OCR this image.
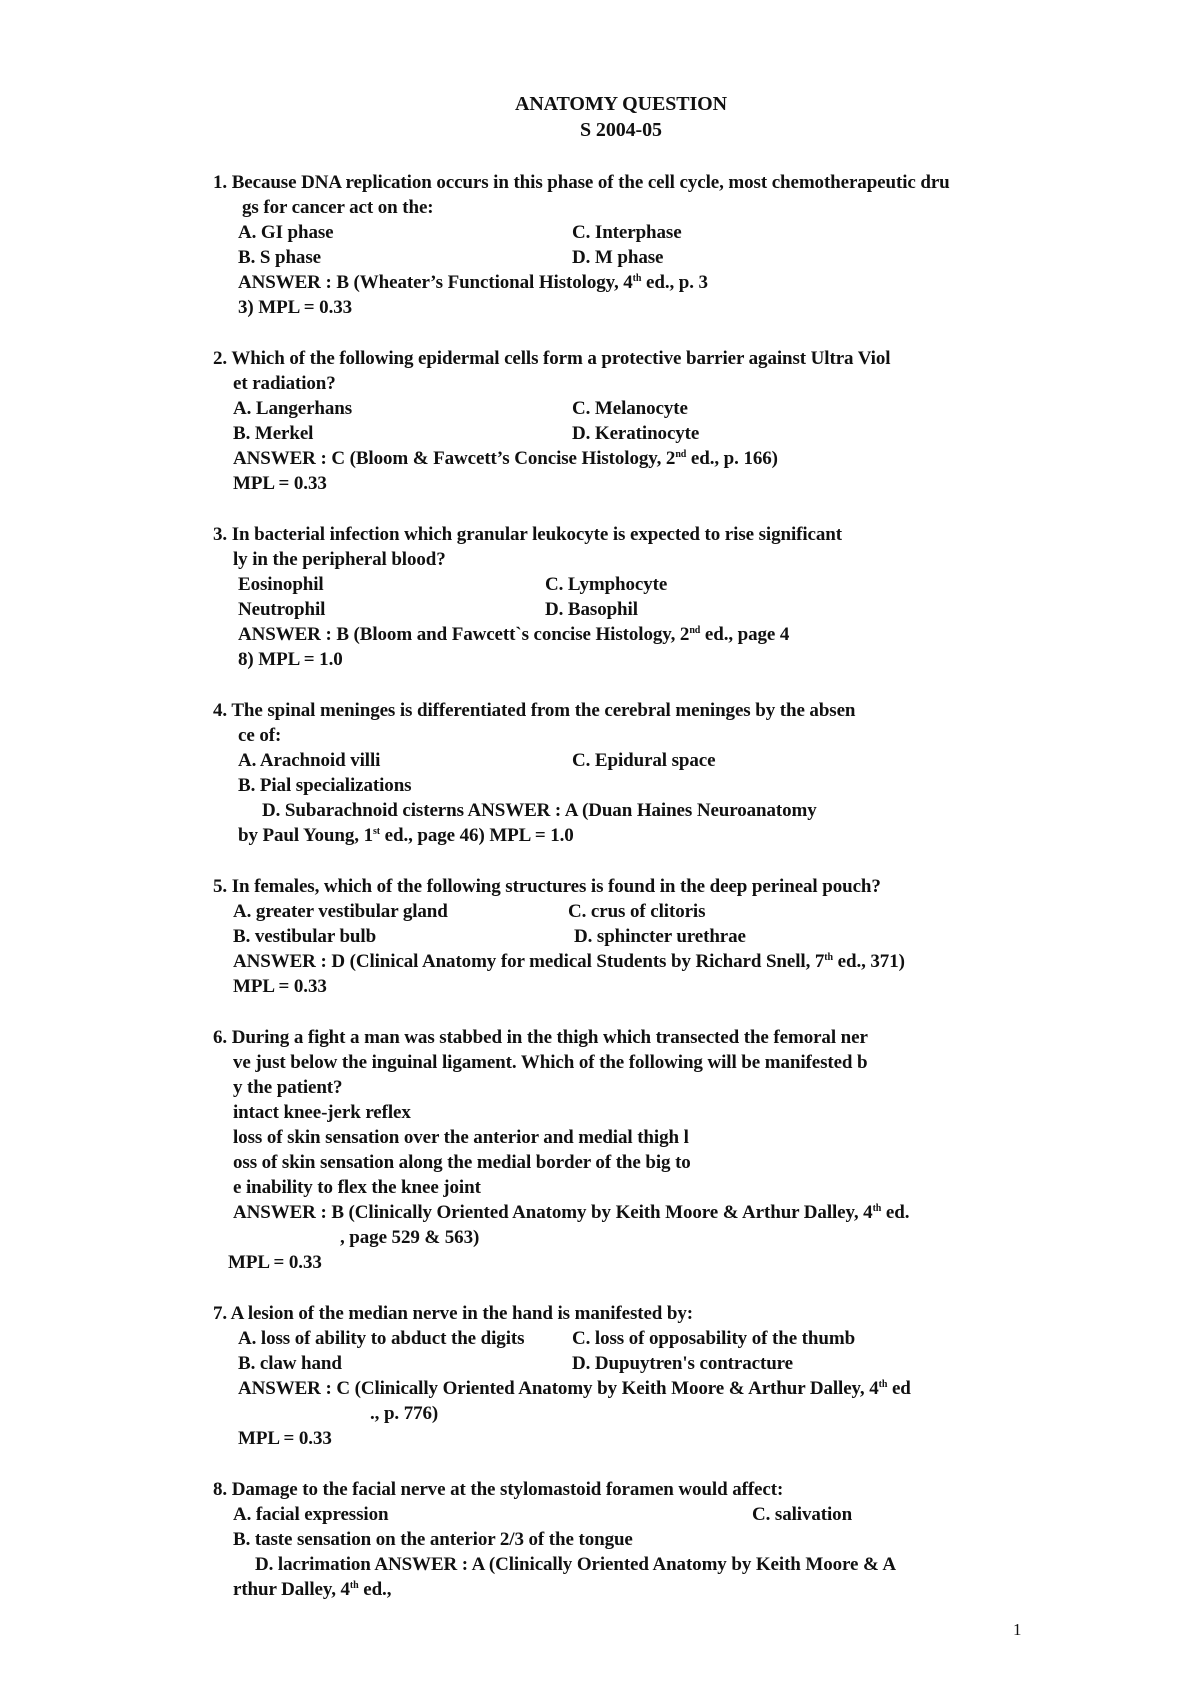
ANATOMY QUESTION
S 2004-05
1. Because DNA replication occurs in this phase of the cell cycle, most chemotherapeutic dru
gs for cancer act on the:
A. GI phase	C. Interphase
B. S phase	D. M phase
ANSWER : B (Wheater’s Functional Histology, 4th ed., p. 3
3) MPL = 0.33
2. Which of the following epidermal cells form a protective barrier against Ultra Viol
et radiation?
A. Langerhans	C. Melanocyte
B. Merkel	D. Keratinocyte
ANSWER : C (Bloom & Fawcett’s Concise Histology, 2nd ed., p. 166)
MPL = 0.33
3. In bacterial infection which granular leukocyte is expected to rise significant
ly in the peripheral blood?
Eosinophil	C. Lymphocyte
Neutrophil	D. Basophil
ANSWER : B (Bloom and Fawcett`s concise Histology, 2nd ed., page 4
8) MPL = 1.0
4. The spinal meninges is differentiated from the cerebral meninges by the absen
ce of:
A. Arachnoid villi	C. Epidural space
B. Pial specializations
D. Subarachnoid cisterns ANSWER : A (Duan Haines Neuroanatomy
by Paul Young, 1st ed., page 46) MPL = 1.0
5. In females, which of the following structures is found in the deep perineal pouch?
A. greater vestibular gland	C. crus of clitoris
B. vestibular bulb	D. sphincter urethrae
ANSWER : D (Clinical Anatomy for medical Students by Richard Snell, 7th ed., 371)
MPL = 0.33
6. During a fight a man was stabbed in the thigh which transected the femoral ner
ve just below the inguinal ligament. Which of the following will be manifested b
y the patient?
intact knee-jerk reflex
loss of skin sensation over the anterior and medial thigh l
oss of skin sensation along the medial border of the big to
e inability to flex the knee joint
ANSWER : B (Clinically Oriented Anatomy by Keith Moore & Arthur Dalley, 4th ed.
, page 529 & 563)
MPL = 0.33
7. A lesion of the median nerve in the hand is manifested by:
A. loss of ability to abduct the digits	C. loss of opposability of the thumb
B. claw hand	D. Dupuytren's contracture
ANSWER : C (Clinically Oriented Anatomy by Keith Moore & Arthur Dalley, 4th ed
., p. 776)
MPL = 0.33
8. Damage to the facial nerve at the stylomastoid foramen would affect:
A. facial expression	C. salivation
B. taste sensation on the anterior 2/3 of the tongue
D. lacrimation ANSWER : A (Clinically Oriented Anatomy by Keith Moore & A
rthur Dalley, 4th ed.,
1
